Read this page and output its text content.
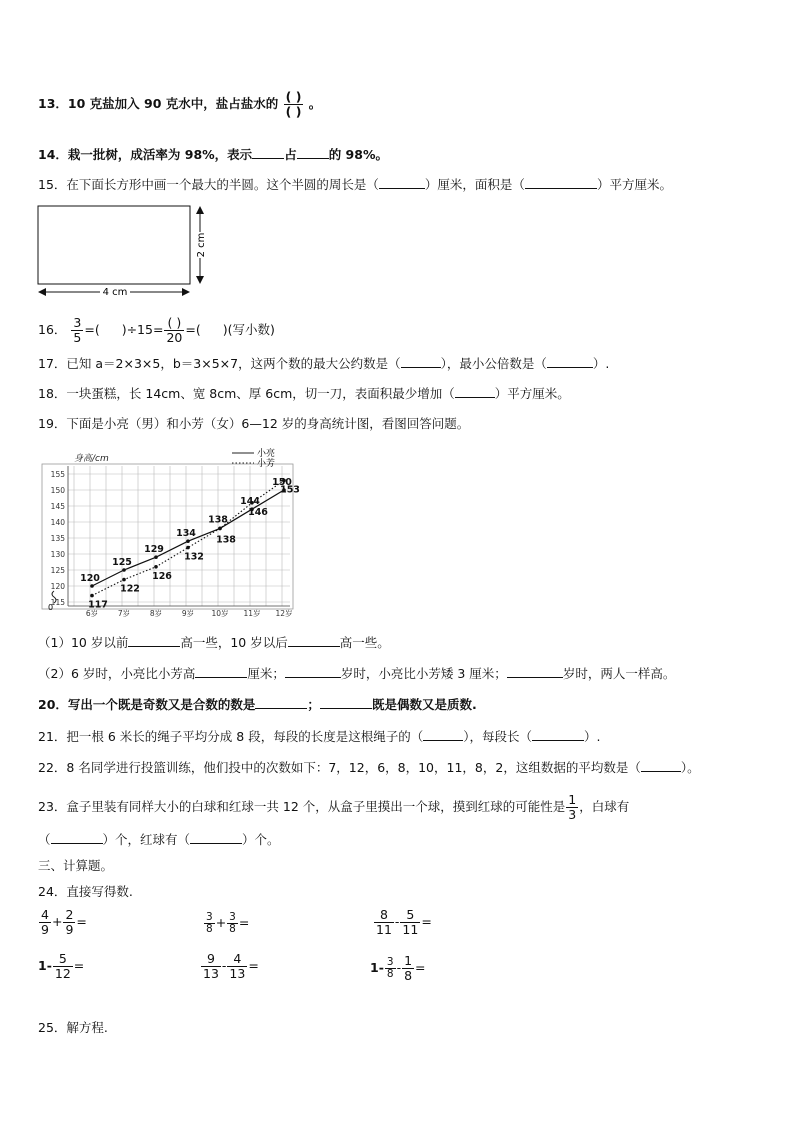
13．10 克盐加入 90 克水中，盐占盐水的 $\frac{( )}{( )}$ 。
14．栽一批树，成活率为 98%，表示	占	的 98%。
15．在下面长方形中画一个最大的半圆。这个半圆的周长是（	）厘米，面积是（	）平方厘米。
2 cm
4 cm
16． $\frac{3}{5}$ =( )$\div 15= \frac{( )}{20}$ =( )(写小数)
17．已知 a＝2×3×5，b＝3×5×7，这两个数的最大公约数是（	），最小公倍数是（	）.
18．一块蛋糕，长 14cm、宽 8cm、厚 6cm，切一刀，表面积最少增加（	）平方厘米。
19．下面是小亮（男）和小芳（女）6—12 岁的身高统计图，看图回答问题。
115
120
125
130
135
140
145
150
155
6岁	7岁	8岁	9岁 10岁 11岁 12岁
120
125
129
134
138
144
150
117
122
126
132
138
146
153
身高/cm	小亮
小芳
0
（1）10 岁以前	高一些，10 岁以后	高一些。
（2）6 岁时，小亮比小芳高	厘米；	岁时，小亮比小芳矮 3 厘米；	岁时，两人一样高。
20．写出一个既是奇数又是合数的数是	；	既是偶数又是质数.
21．把一根 6 米长的绳子平均分成 8 段，每段的长度是这根绳子的（	），每段长（	）.
22．8 名同学进行投篮训练，他们投中的次数如下：7，12，6，8，10，11，8，2，这组数据的平均数是（	）。
23．盒子里装有同样大小的白球和红球一共 12 个，从盒子里摸出一个球，摸到红球的可能性是 $\frac{1}{3}$ ，白球有
（	）个，红球有（	）个。
三、计算题。
24．直接写得数.
$\frac{4}{9} + \frac{2}{9}$ =	$\frac{3}{8} + \frac{3}{8}$ =	$\frac{8}{11} - \frac{5}{11}$ =
$1- \frac{5}{12}$ =	$\frac{9}{13} - \frac{4}{13}$ =	$1- \frac{3}{8} - \frac{1}{8}$ =
25．解方程.
